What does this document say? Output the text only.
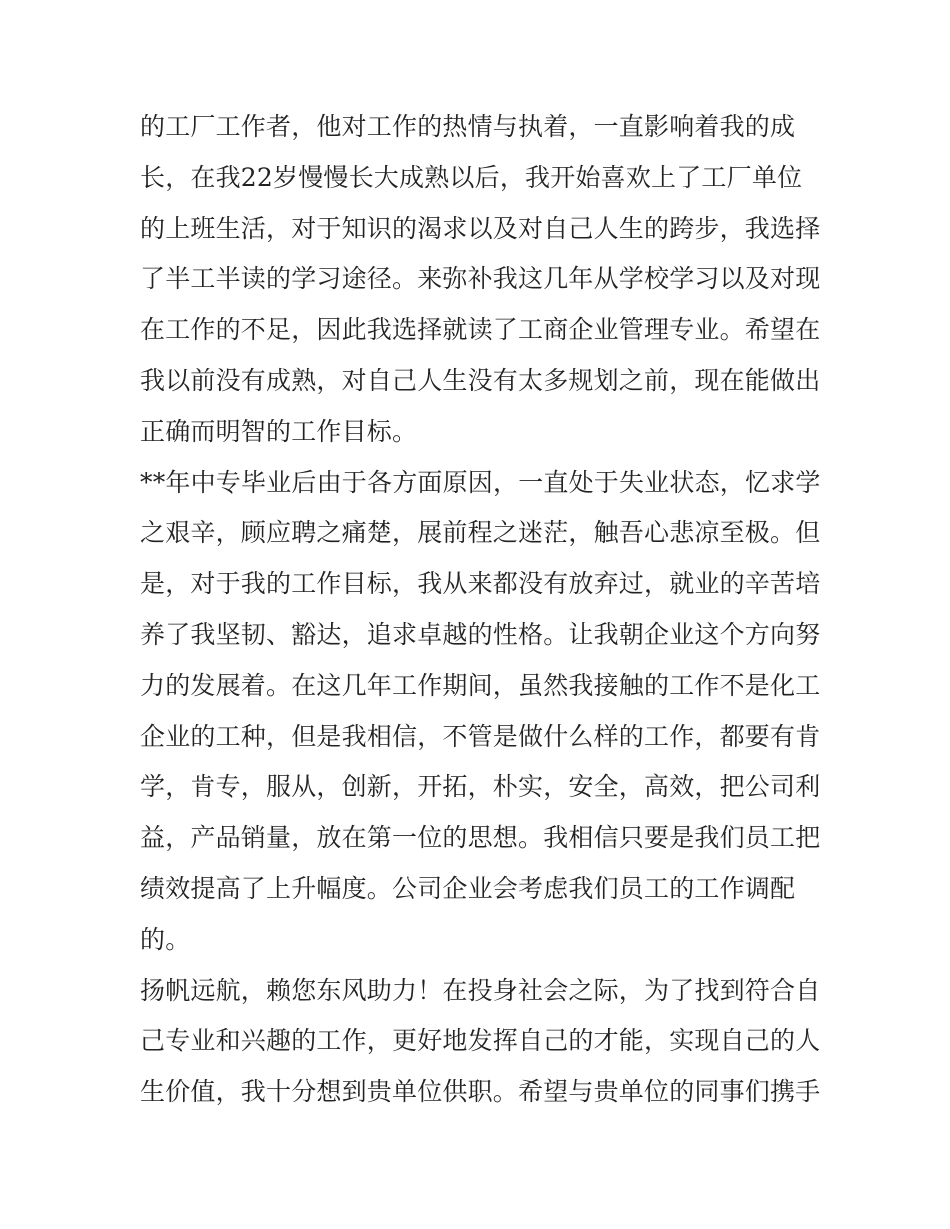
的工厂工作者，他对工作的热情与执着，一直影响着我的成
长，在我22岁慢慢长大成熟以后，我开始喜欢上了工厂单位
的上班生活，对于知识的渴求以及对自己人生的跨步，我选择
了半工半读的学习途径。来弥补我这几年从学校学习以及对现
在工作的不足，因此我选择就读了工商企业管理专业。希望在
我以前没有成熟，对自己人生没有太多规划之前，现在能做出
正确而明智的工作目标。
**年中专毕业后由于各方面原因，一直处于失业状态，忆求学
之艰辛，顾应聘之痛楚，展前程之迷茫，触吾心悲凉至极。但
是，对于我的工作目标，我从来都没有放弃过，就业的辛苦培
养了我坚韧、豁达，追求卓越的性格。让我朝企业这个方向努
力的发展着。在这几年工作期间，虽然我接触的工作不是化工
企业的工种，但是我相信，不管是做什么样的工作，都要有肯
学，肯专，服从，创新，开拓，朴实，安全，高效，把公司利
益，产品销量，放在第一位的思想。我相信只要是我们员工把
绩效提高了上升幅度。公司企业会考虑我们员工的工作调配
的。
扬帆远航，赖您东风助力！在投身社会之际，为了找到符合自
己专业和兴趣的工作，更好地发挥自己的才能，实现自己的人
生价值，我十分想到贵单位供职。希望与贵单位的同事们携手
